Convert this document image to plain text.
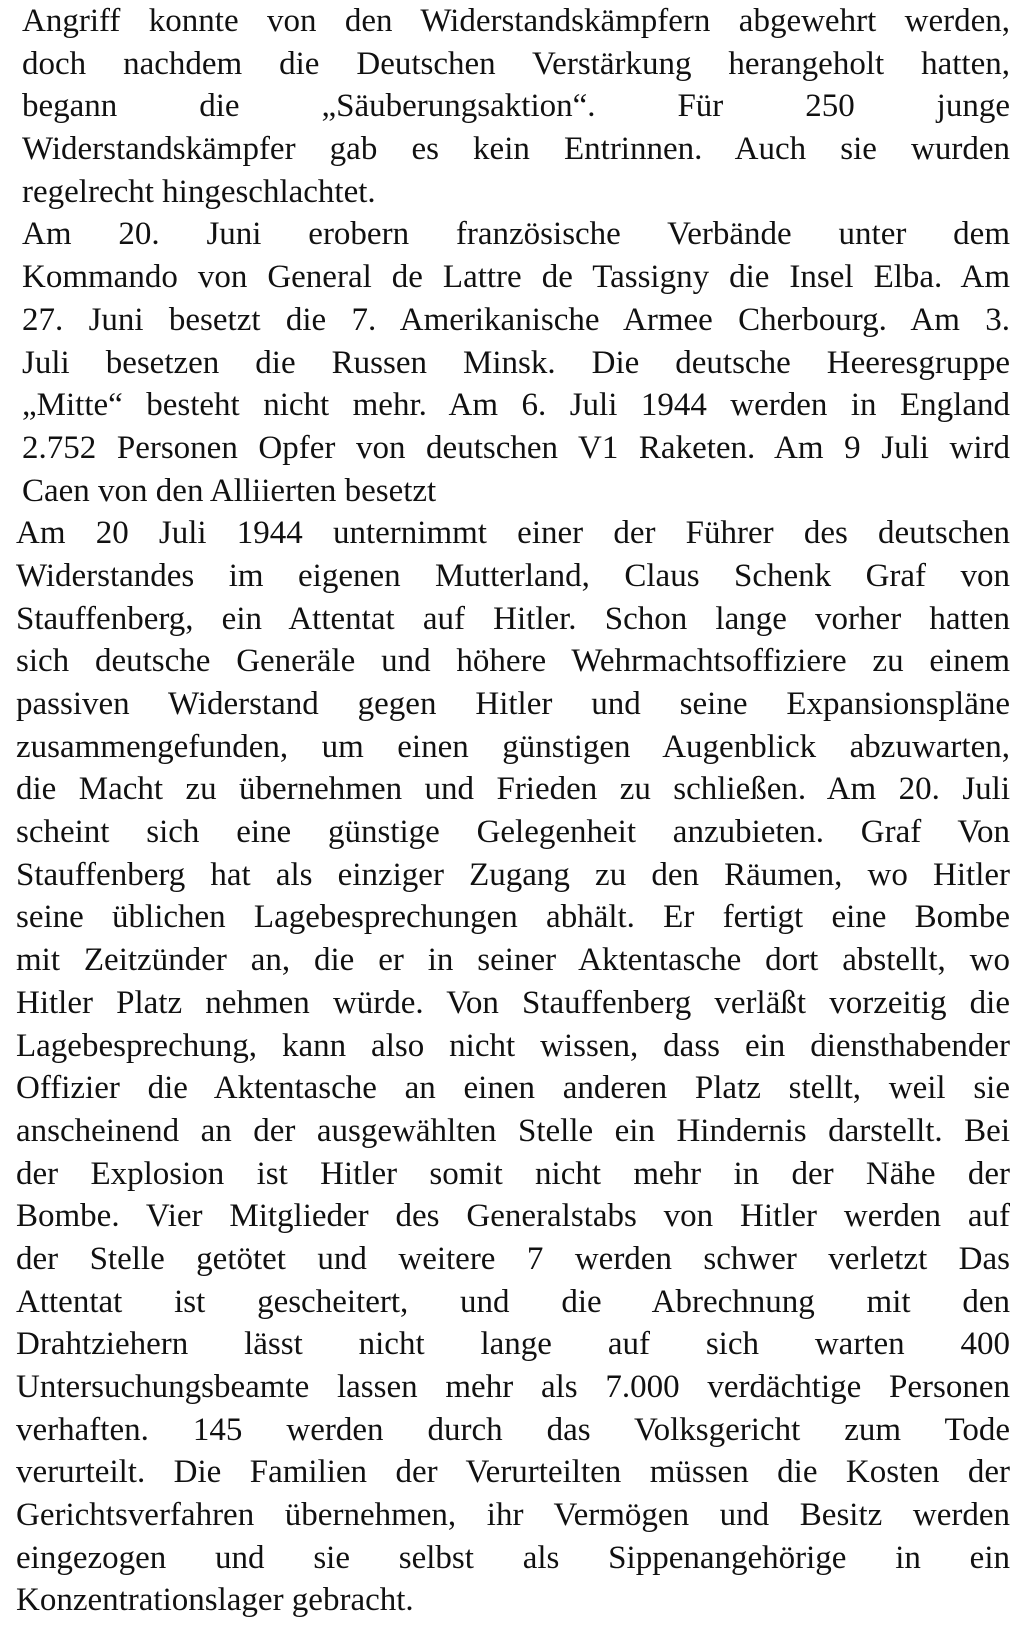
Angriff konnte von den Widerstandskämpfern abgewehrt werden,
doch nachdem die Deutschen Verstärkung herangeholt hatten,
begann die „Säuberungsaktion“. Für 250 junge
Widerstandskämpfer gab es kein Entrinnen. Auch sie wurden
regelrecht hingeschlachtet.
Am 20. Juni erobern französische Verbände unter dem
Kommando von General de Lattre de Tassigny die Insel Elba. Am
27. Juni besetzt die 7. Amerikanische Armee Cherbourg. Am 3.
Juli besetzen die Russen Minsk. Die deutsche Heeresgruppe
„Mitte“ besteht nicht mehr. Am 6. Juli 1944 werden in England
2.752 Personen Opfer von deutschen V1 Raketen. Am 9 Juli wird
Caen von den Alliierten besetzt
Am 20 Juli 1944 unternimmt einer der Führer des deutschen
Widerstandes im eigenen Mutterland, Claus Schenk Graf von
Stauffenberg, ein Attentat auf Hitler. Schon lange vorher hatten
sich deutsche Generäle und höhere Wehrmachtsoffiziere zu einem
passiven Widerstand gegen Hitler und seine Expansionspläne
zusammengefunden, um einen günstigen Augenblick abzuwarten,
die Macht zu übernehmen und Frieden zu schließen. Am 20. Juli
scheint sich eine günstige Gelegenheit anzubieten. Graf Von
Stauffenberg hat als einziger Zugang zu den Räumen, wo Hitler
seine üblichen Lagebesprechungen abhält. Er fertigt eine Bombe
mit Zeitzünder an, die er in seiner Aktentasche dort abstellt, wo
Hitler Platz nehmen würde. Von Stauffenberg verläßt vorzeitig die
Lagebesprechung, kann also nicht wissen, dass ein diensthabender
Offizier die Aktentasche an einen anderen Platz stellt, weil sie
anscheinend an der ausgewählten Stelle ein Hindernis darstellt. Bei
der Explosion ist Hitler somit nicht mehr in der Nähe der
Bombe. Vier Mitglieder des Generalstabs von Hitler werden auf
der Stelle getötet und weitere 7 werden schwer verletzt Das
Attentat ist gescheitert, und die Abrechnung mit den
Drahtziehern lässt nicht lange auf sich warten 400
Untersuchungsbeamte lassen mehr als 7.000 verdächtige Personen
verhaften. 145 werden durch das Volksgericht zum Tode
verurteilt. Die Familien der Verurteilten müssen die Kosten der
Gerichtsverfahren übernehmen, ihr Vermögen und Besitz werden
eingezogen und sie selbst als Sippenangehörige in ein
Konzentrationslager gebracht.
